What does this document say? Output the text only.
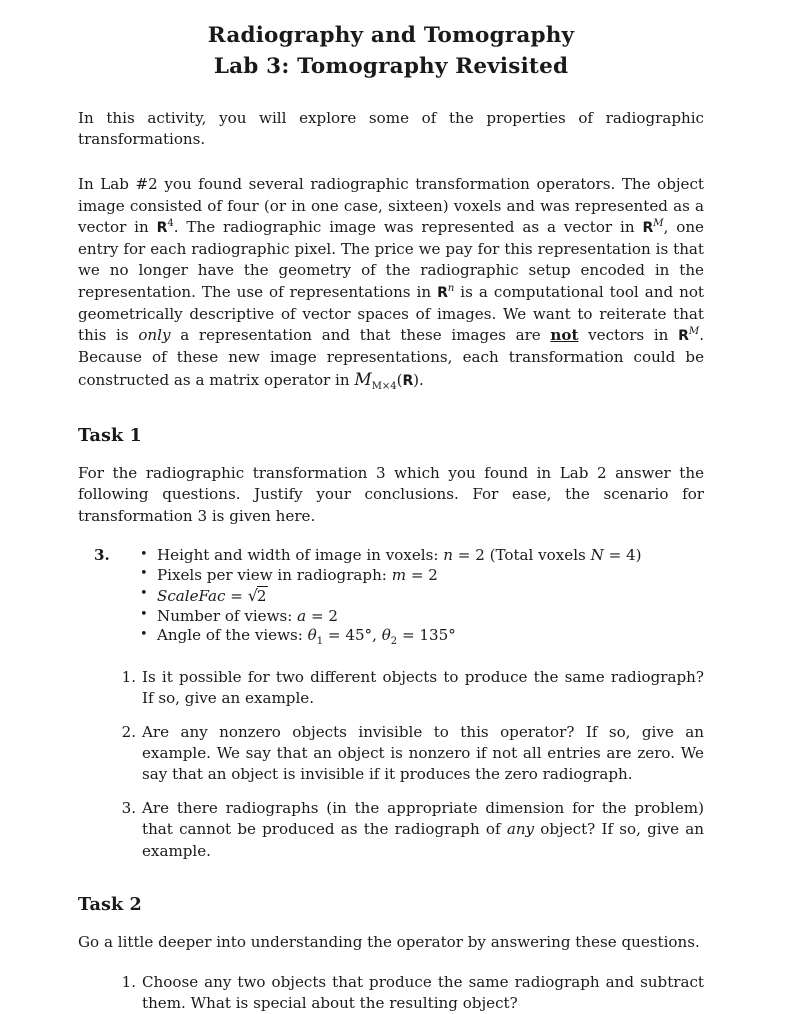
Radiography and Tomography
Lab 3: Tomography Revisited

In this activity, you will explore some of the properties of radiographic transformations.

In Lab #2 you found several radiographic transformation operators. The object image consisted of four (or in one case, sixteen) voxels and was represented as a vector in $R^4$. The radiographic image was represented as a vector in $R^M$, one entry for each radiographic pixel. The price we pay for this representation is that we no longer have the geometry of the radiographic setup encoded in the representation. The use of representations in $R^n$ is a computational tool and not geometrically descriptive of vector spaces of images. We want to reiterate that this is only a representation and that these images are not vectors in $R^M$. Because of these new image representations, each transformation could be constructed as a matrix operator in $M_{M\times 4}(R)$.

Task 1

For the radiographic transformation 3 which you found in Lab 2 answer the following questions. Justify your conclusions. For ease, the scenario for transformation 3 is given here.

3.	• Height and width of image in voxels: n = 2 (Total voxels N = 4)
• Pixels per view in radiograph: m = 2
• ScaleFac = √2
• Number of views: a = 2
• Angle of the views: $\theta_1 = 45^\circ$, $\theta_2 = 135^\circ$
1. Is it possible for two different objects to produce the same radiograph? If so, give an example.
2. Are any nonzero objects invisible to this operator? If so, give an example. We say that an object is nonzero if not all entries are zero. We say that an object is invisible if it produces the zero radiograph.
3. Are there radiographs (in the appropriate dimension for the problem) that cannot be produced as the radiograph of any object? If so, give an example.
Task 2

Go a little deeper into understanding the operator by answering these questions.

1. Choose any two objects that produce the same radiograph and subtract them. What is special about the resulting object?
